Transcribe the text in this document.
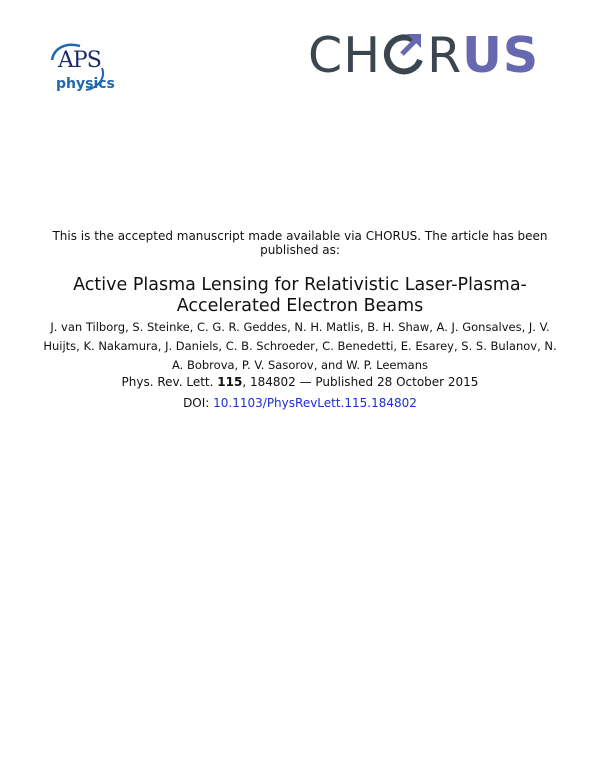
APS
physics	CH RUS
This is the accepted manuscript made available via CHORUS. The article has been published as:
Active Plasma Lensing for Relativistic Laser-Plasma-Accelerated Electron Beams
J. van Tilborg, S. Steinke, C. G. R. Geddes, N. H. Matlis, B. H. Shaw, A. J. Gonsalves, J. V. Huijts, K. Nakamura, J. Daniels, C. B. Schroeder, C. Benedetti, E. Esarey, S. S. Bulanov, N. A. Bobrova, P. V. Sasorov, and W. P. Leemans
Phys. Rev. Lett. 115, 184802 — Published 28 October 2015
DOI: 10.1103/PhysRevLett.115.184802
